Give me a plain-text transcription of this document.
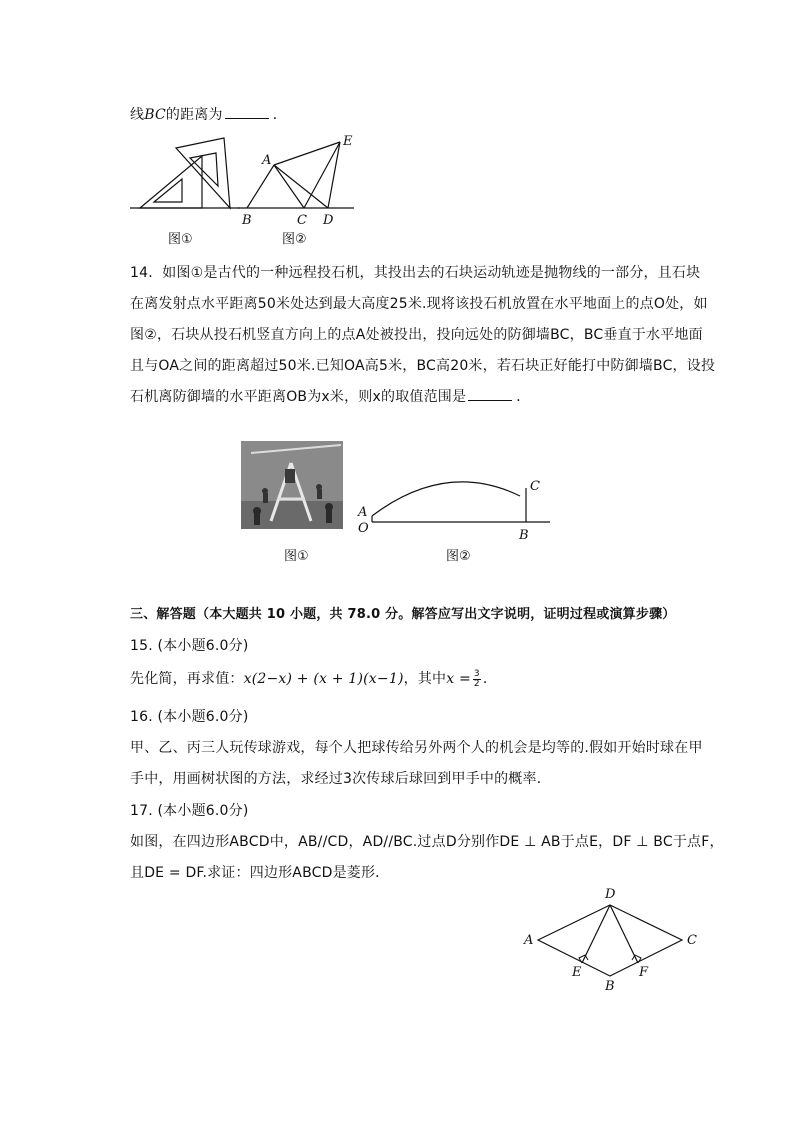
线BC的距离为	．
图①
A
E
B	C D
图②
14. 如图①是古代的一种远程投石机，其投出去的石块运动轨迹是抛物线的一部分，且石块
在离发射点水平距离50米处达到最大高度25米.现将该投石机放置在水平地面上的点O处，如
图②，石块从投石机竖直方向上的点A处被投出，投向远处的防御墙BC，BC垂直于水平地面
且与OA之间的距离超过50米.已知OA高5米，BC高20米，若石块正好能打中防御墙BC，设投
石机离防御墙的水平距离OB为x米，则x的取值范围是	．
图①
A
O	B
C
图②
三、解答题（本大题共 10 小题，共 78.0 分。解答应写出文字说明，证明过程或演算步骤）
15. (本小题6.0分)
先化简，再求值：x(2−x) + (x + 1)(x−1)，其中$x = \frac{3}{2}$ .
16. (本小题6.0分)
甲、乙、丙三人玩传球游戏，每个人把球传给另外两个人的机会是均等的.假如开始时球在甲
手中，用画树状图的方法，求经过3次传球后球回到甲手中的概率．
17. (本小题6.0分)
如图，在四边形ABCD中，AB//CD，AD//BC.过点D分别作DE ⊥ AB于点E，DF ⊥ BC于点F，
且DE = DF.求证：四边形ABCD是菱形．
D
A	C
B
E	F
